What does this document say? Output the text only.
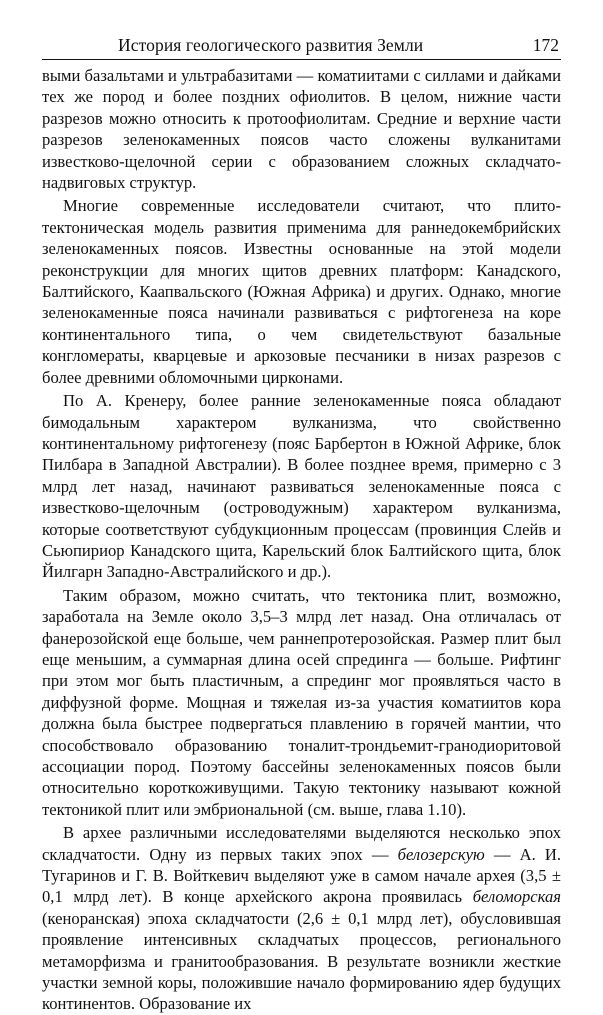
История геологического развития Земли	172

выми базальтами и ультрабазитами — коматиитами с силлами и дайками тех же пород и более поздних офиолитов. В целом, нижние части разрезов можно относить к протоофиолитам. Средние и верхние части разрезов зеленокаменных поясов часто сложены вулканитами известково-щелочной серии с образованием сложных складчато-надвиговых структур.

Многие современные исследователи считают, что плито-тектоническая модель развития применима для раннедокембрийских зеленокаменных поясов. Известны основанные на этой модели реконструкции для многих щитов древних платформ: Канадского, Балтийского, Каапвальского (Южная Африка) и других. Однако, многие зеленокаменные пояса начинали развиваться с рифтогенеза на коре континентального типа, о чем свидетельствуют базальные конгломераты, кварцевые и аркозовые песчаники в низах разрезов с более древними обломочными цирконами.

По А. Кренеру, более ранние зеленокаменные пояса обладают бимодальным характером вулканизма, что свойственно континентальному рифтогенезу (пояс Барбертон в Южной Африке, блок Пилбара в Западной Австралии). В более позднее время, примерно с 3 млрд лет назад, начинают развиваться зеленокаменные пояса с известково-щелочным (островодужным) характером вулканизма, которые соответствуют субдукционным процессам (провинция Слейв и Сьюпириор Канадского щита, Карельский блок Балтийского щита, блок Йилгарн Западно-Австралийского и др.).

Таким образом, можно считать, что тектоника плит, возможно, заработала на Земле около 3,5–3 млрд лет назад. Она отличалась от фанерозойской еще больше, чем раннепротерозойская. Размер плит был еще меньшим, а суммарная длина осей спрединга — больше. Рифтинг при этом мог быть пластичным, а спрединг мог проявляться часто в диффузной форме. Мощная и тяжелая из-за участия коматиитов кора должна была быстрее подвергаться плавлению в горячей мантии, что способствовало образованию тоналит-трондьемит-гранодиоритовой ассоциации пород. Поэтому бассейны зеленокаменных поясов были относительно короткоживущими. Такую тектонику называют кожной тектоникой плит или эмбриональной (см. выше, глава 1.10).

В архее различными исследователями выделяются несколько эпох складчатости. Одну из первых таких эпох — белозерскую — А. И. Тугаринов и Г. В. Войткевич выделяют уже в самом начале архея (3,5 ± 0,1 млрд лет). В конце архейского акрона проявилась беломорская (кеноранская) эпоха складчатости (2,6 ± 0,1 млрд лет), обусловившая проявление интенсивных складчатых процессов, регионального метаморфизма и гранитообразования. В результате возникли жесткие участки земной коры, положившие начало формированию ядер будущих континентов. Образование их
